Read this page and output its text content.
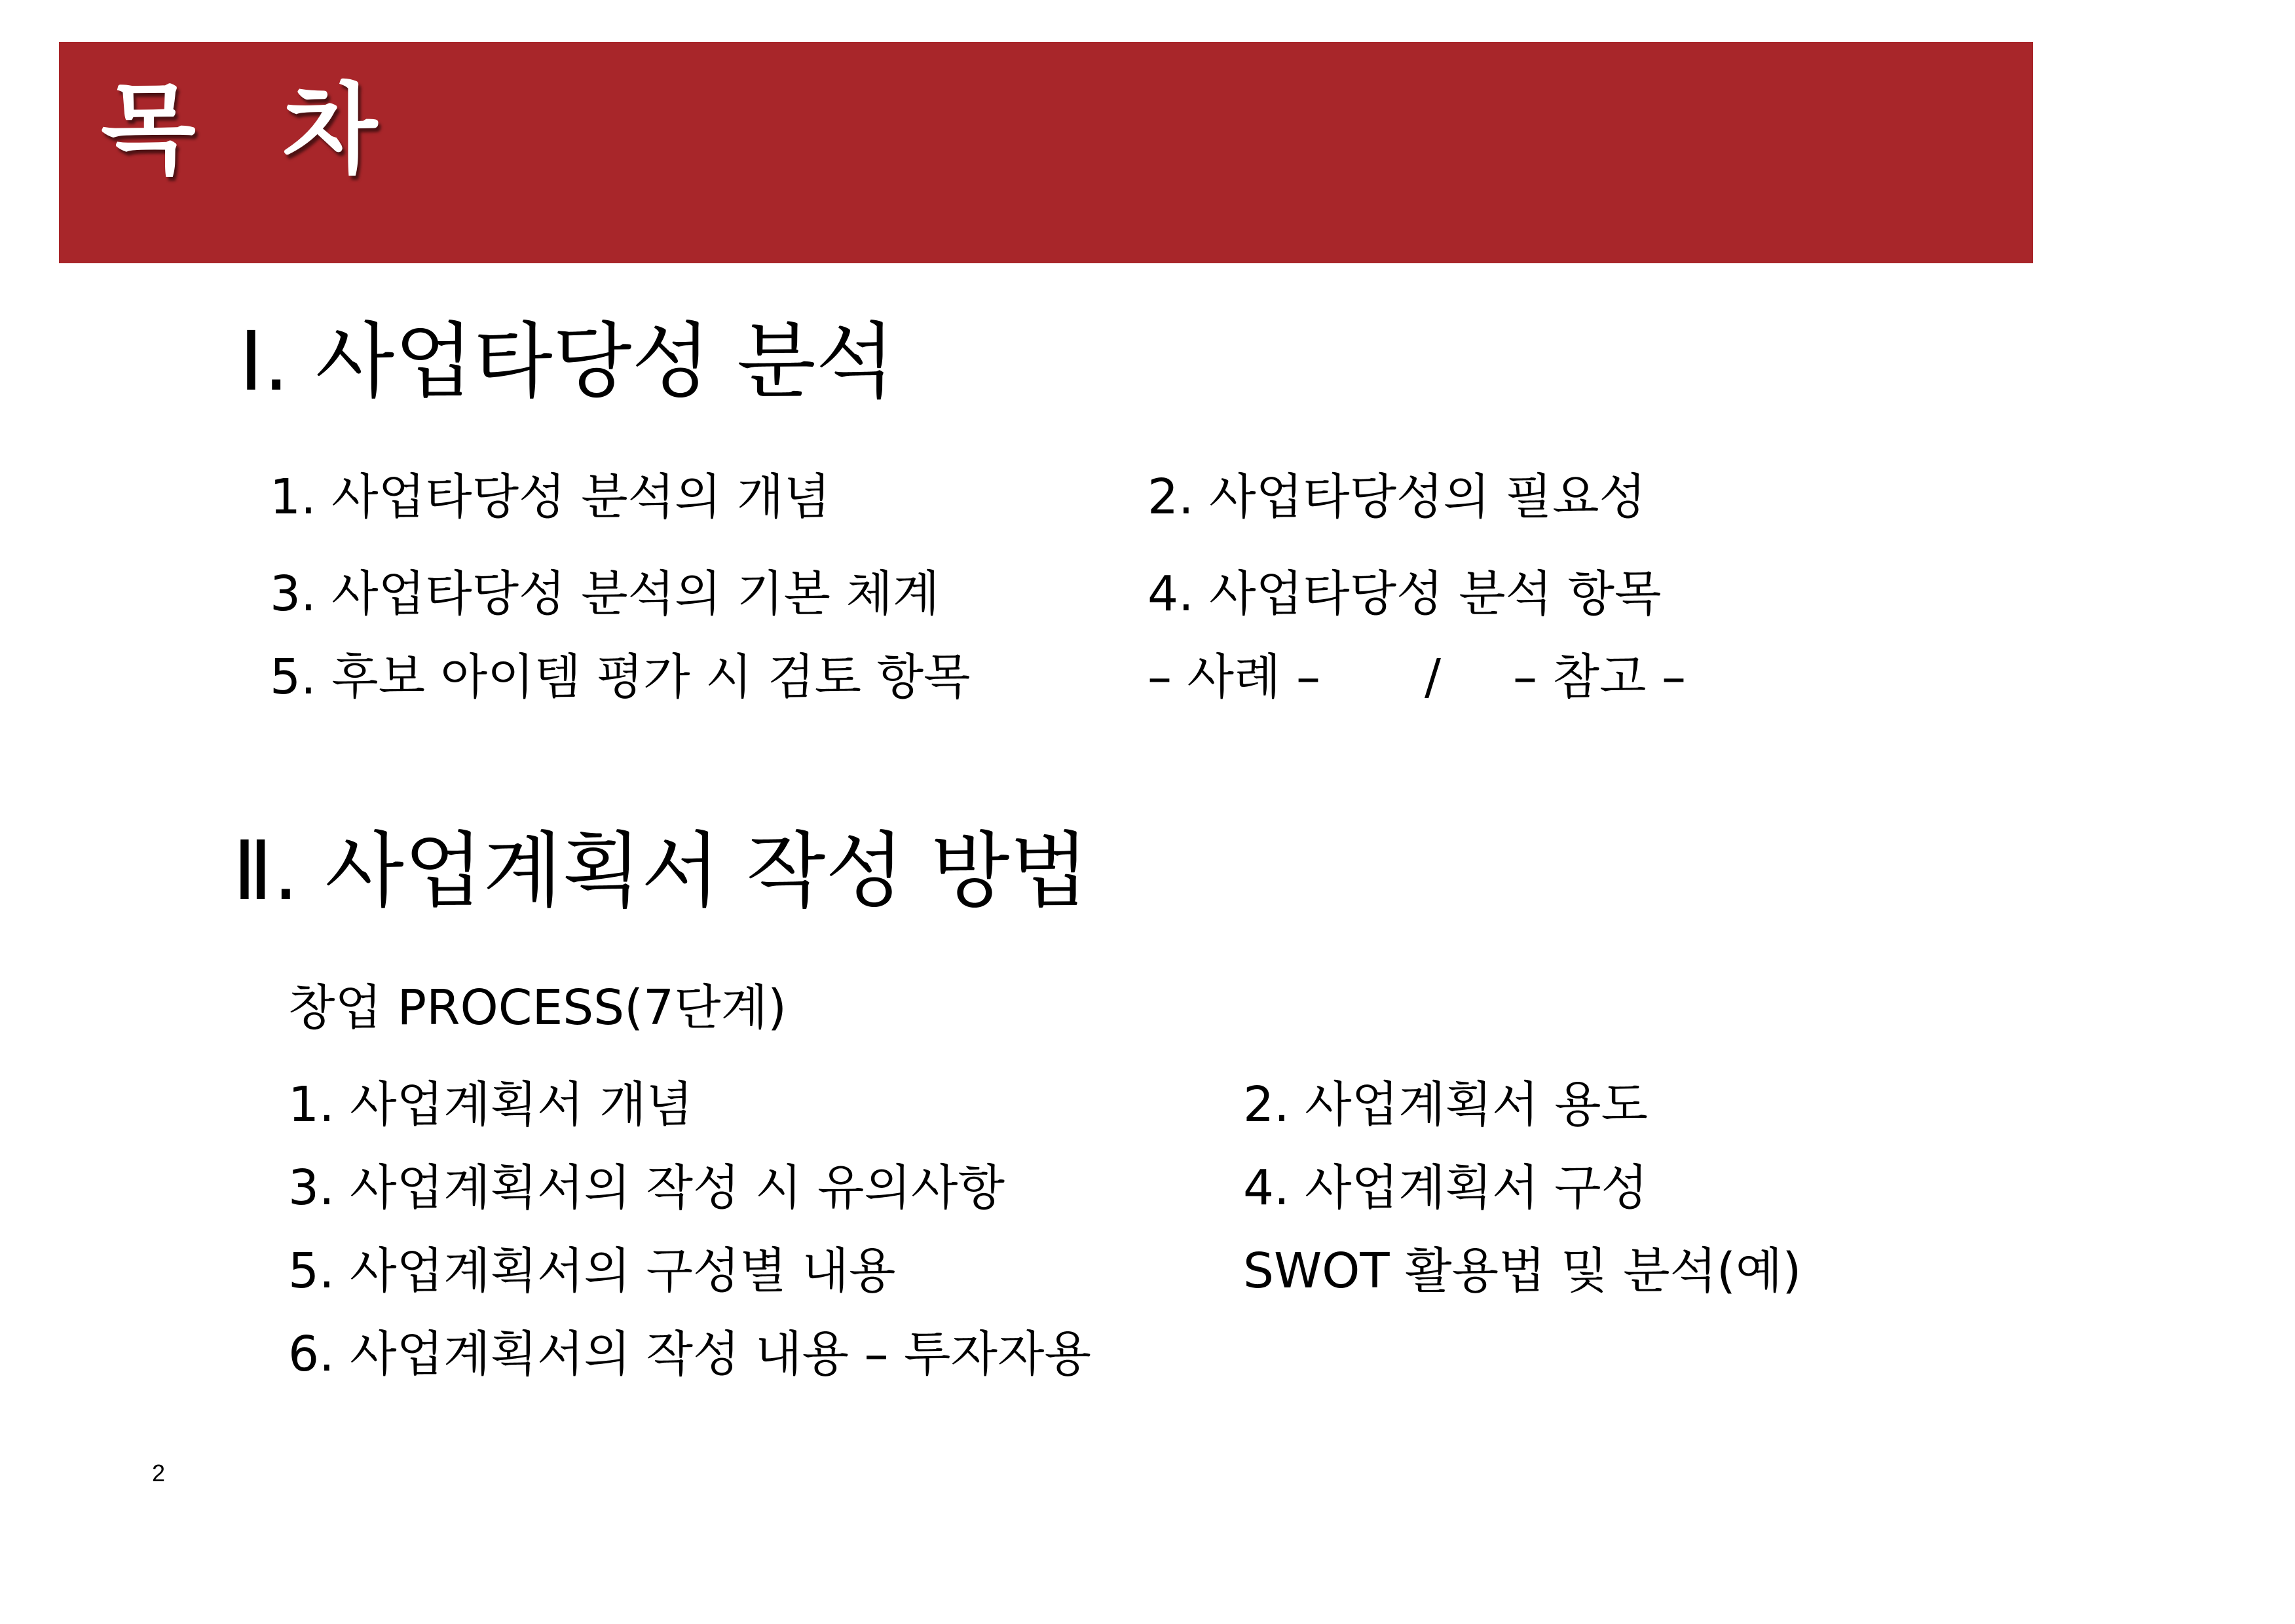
목 차
Ⅰ. 사업타당성 분석
1. 사업타당성 분석의 개념	2. 사업타당성의 필요성
3. 사업타당성 분석의 기본 체계	4. 사업타당성 분석 항목
5. 후보 아이템 평가 시 검토 항목	– 사례 – / – 참고 –
Ⅱ. 사업계획서 작성 방법
창업 PROCESS(7단계)
1. 사업계획서 개념	2. 사업계획서 용도
3. 사업계획서의 작성 시 유의사항	4. 사업계획서 구성
5. 사업계획서의 구성별 내용	SWOT 활용법 및 분석(예)
6. 사업계획서의 작성 내용 – 투자자용
2
